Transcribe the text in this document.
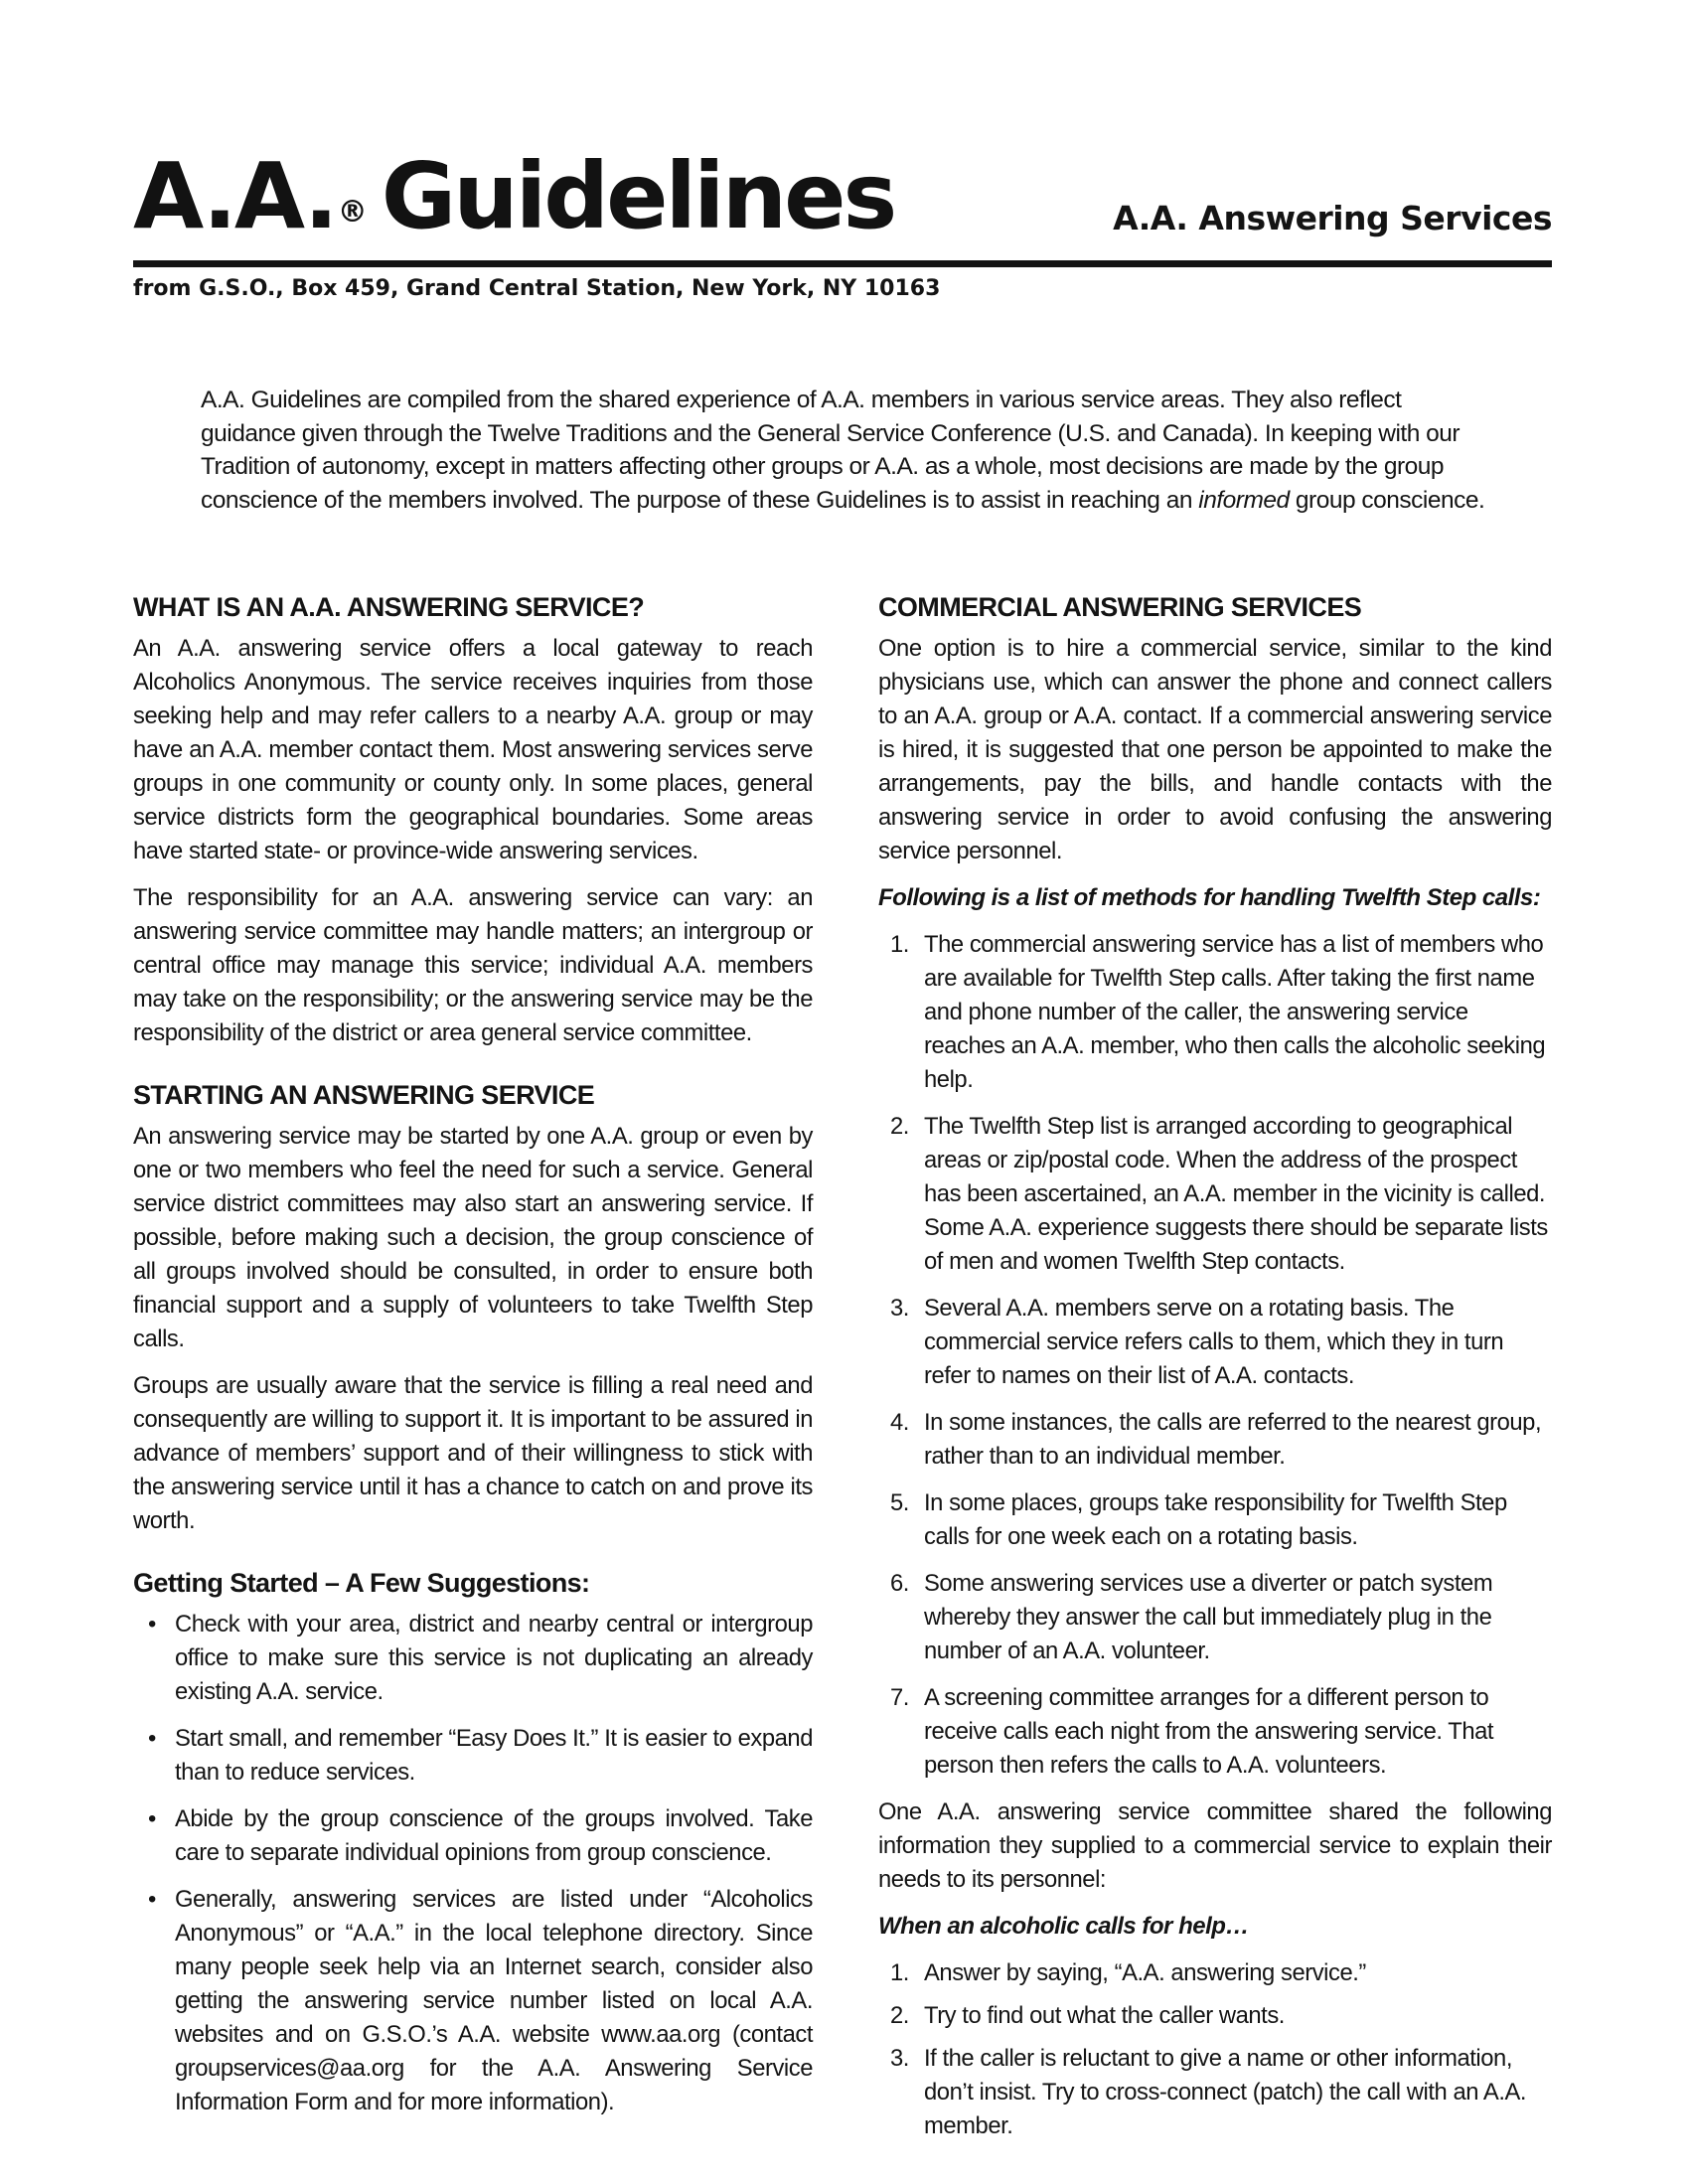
A.A.® Guidelines	A.A. Answering Services
from G.S.O., Box 459, Grand Central Station, New York, NY 10163

A.A. Guidelines are compiled from the shared experience of A.A. members in various service areas. They also reflect guidance given through the Twelve Traditions and the General Service Conference (U.S. and Canada). In keeping with our Tradition of autonomy, except in matters affecting other groups or A.A. as a whole, most decisions are made by the group conscience of the members involved. The purpose of these Guidelines is to assist in reaching an informed group conscience.

WHAT IS AN A.A. ANSWERING SERVICE?

An A.A. answering service offers a local gateway to reach Alcoholics Anonymous. The service receives inquiries from those seeking help and may refer callers to a nearby A.A. group or may have an A.A. member contact them. Most answering services serve groups in one community or county only. In some places, general service districts form the geographical boundaries. Some areas have started state- or province-wide answering services.

The responsibility for an A.A. answering service can vary: an answering service committee may handle matters; an intergroup or central office may manage this service; individual A.A. members may take on the responsibility; or the answering service may be the responsibility of the district or area general service committee.

STARTING AN ANSWERING SERVICE

An answering service may be started by one A.A. group or even by one or two members who feel the need for such a service. General service district committees may also start an answering service. If possible, before making such a decision, the group conscience of all groups involved should be consulted, in order to ensure both financial support and a supply of volunteers to take Twelfth Step calls.

Groups are usually aware that the service is filling a real need and consequently are willing to support it. It is important to be assured in advance of members’ support and of their willingness to stick with the answering service until it has a chance to catch on and prove its worth.

Getting Started – A Few Suggestions:
• Check with your area, district and nearby central or intergroup office to make sure this service is not duplicating an already existing A.A. service.
• Start small, and remember “Easy Does It.” It is easier to expand than to reduce services.
• Abide by the group conscience of the groups involved. Take care to separate individual opinions from group conscience.
• Generally, answering services are listed under “Alcoholics Anonymous” or “A.A.” in the local telephone directory. Since many people seek help via an Internet search, consider also getting the answering service number listed on local A.A. websites and on G.S.O.’s A.A. website www.aa.org (contact groupservices@aa.org for the A.A. Answering Service Information Form and for more information).
COMMERCIAL ANSWERING SERVICES

One option is to hire a commercial service, similar to the kind physicians use, which can answer the phone and connect callers to an A.A. group or A.A. contact. If a commercial answering service is hired, it is suggested that one person be appointed to make the arrangements, pay the bills, and handle contacts with the answering service in order to avoid confusing the answering service personnel.

Following is a list of methods for handling Twelfth Step calls:

1. The commercial answering service has a list of members who are available for Twelfth Step calls. After taking the first name and phone number of the caller, the answering service reaches an A.A. member, who then calls the alcoholic seeking help.
2. The Twelfth Step list is arranged according to geographical areas or zip/postal code. When the address of the prospect has been ascertained, an A.A. member in the vicinity is called. Some A.A. experience suggests there should be separate lists of men and women Twelfth Step contacts.
3. Several A.A. members serve on a rotating basis. The commercial service refers calls to them, which they in turn refer to names on their list of A.A. contacts.
4. In some instances, the calls are referred to the nearest group, rather than to an individual member.
5. In some places, groups take responsibility for Twelfth Step calls for one week each on a rotating basis.
6. Some answering services use a diverter or patch system whereby they answer the call but immediately plug in the number of an A.A. volunteer.
7. A screening committee arranges for a different person to receive calls each night from the answering service. That person then refers the calls to A.A. volunteers.

One A.A. answering service committee shared the following information they supplied to a commercial service to explain their needs to its personnel:

When an alcoholic calls for help…

1. Answer by saying, “A.A. answering service.”
2. Try to find out what the caller wants.
3. If the caller is reluctant to give a name or other information, don’t insist. Try to cross-connect (patch) the call with an A.A. member.
